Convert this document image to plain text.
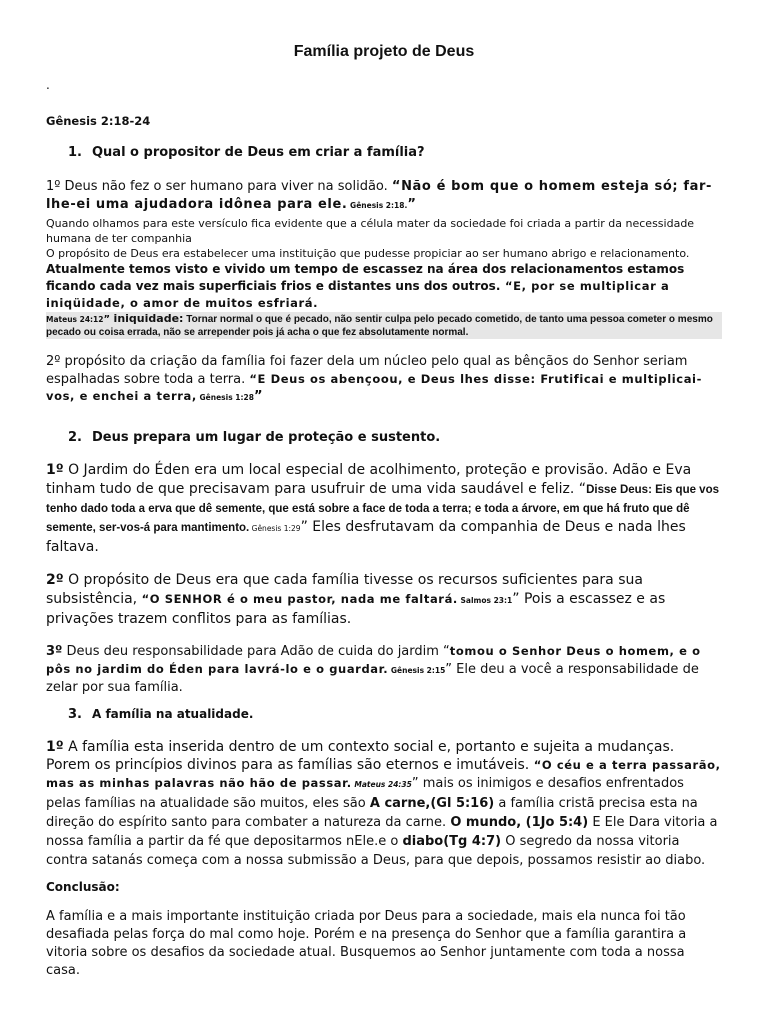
Família projeto de Deus
.
Gênesis 2:18-24
1. Qual o propositor de Deus em criar a família?

1º Deus não fez o ser humano para viver na solidão. “Não é bom que o homem esteja só; far-lhe-ei uma ajudadora idônea para ele. Gênesis 2:18.”

Quando olhamos para este versículo fica evidente que a célula mater da sociedade foi criada a partir da necessidade humana de ter companhia

O propósito de Deus era estabelecer uma instituição que pudesse propiciar ao ser humano abrigo e relacionamento.

Atualmente temos visto e vivido um tempo de escassez na área dos relacionamentos estamos ficando cada vez mais superficiais frios e distantes uns dos outros. “E, por se multiplicar a iniqüidade, o amor de muitos esfriará.

Mateus 24:12” iniquidade: Tornar normal o que é pecado, não sentir culpa pelo pecado cometido, de tanto uma pessoa cometer o mesmo pecado ou coisa errada, não se arrepender pois já acha o que fez absolutamente normal.

2º propósito da criação da família foi fazer dela um núcleo pelo qual as bênçãos do Senhor seriam espalhadas sobre toda a terra. “E Deus os abençoou, e Deus lhes disse: Frutificai e multiplicai-vos, e enchei a terra, Gênesis 1:28”

2. Deus prepara um lugar de proteção e sustento.

1º O Jardim do Éden era um local especial de acolhimento, proteção e provisão. Adão e Eva tinham tudo de que precisavam para usufruir de uma vida saudável e feliz. “Disse Deus: Eis que vos tenho dado toda a erva que dê semente, que está sobre a face de toda a terra; e toda a árvore, em que há fruto que dê semente, ser-vos-á para mantimento. Gênesis 1:29” Eles desfrutavam da companhia de Deus e nada lhes faltava.

2º O propósito de Deus era que cada família tivesse os recursos suficientes para sua subsistência, “O SENHOR é o meu pastor, nada me faltará. Salmos 23:1” Pois a escassez e as privações trazem conflitos para as famílias.

3º Deus deu responsabilidade para Adão de cuida do jardim “tomou o Senhor Deus o homem, e o pôs no jardim do Éden para lavrá-lo e o guardar. Gênesis 2:15” Ele deu a você a responsabilidade de zelar por sua família.

3. A família na atualidade.

1º A família esta inserida dentro de um contexto social e, portanto e sujeita a mudanças. Porem os princípios divinos para as famílias são eternos e imutáveis. “O céu e a terra passarão, mas as minhas palavras não hão de passar. Mateus 24:35” mais os inimigos e desafios enfrentados pelas famílias na atualidade são muitos, eles são A carne,(Gl 5:16) a família cristã precisa esta na direção do espírito santo para combater a natureza da carne. O mundo, (1Jo 5:4) E Ele Dara vitoria a nossa família a partir da fé que depositarmos nEle.e o diabo(Tg 4:7) O segredo da nossa vitoria contra satanás começa com a nossa submissão a Deus, para que depois, possamos resistir ao diabo.

Conclusão:

A família e a mais importante instituição criada por Deus para a sociedade, mais ela nunca foi tão desafiada pelas força do mal como hoje. Porém e na presença do Senhor que a família garantira a vitoria sobre os desafios da sociedade atual. Busquemos ao Senhor juntamente com toda a nossa casa.
